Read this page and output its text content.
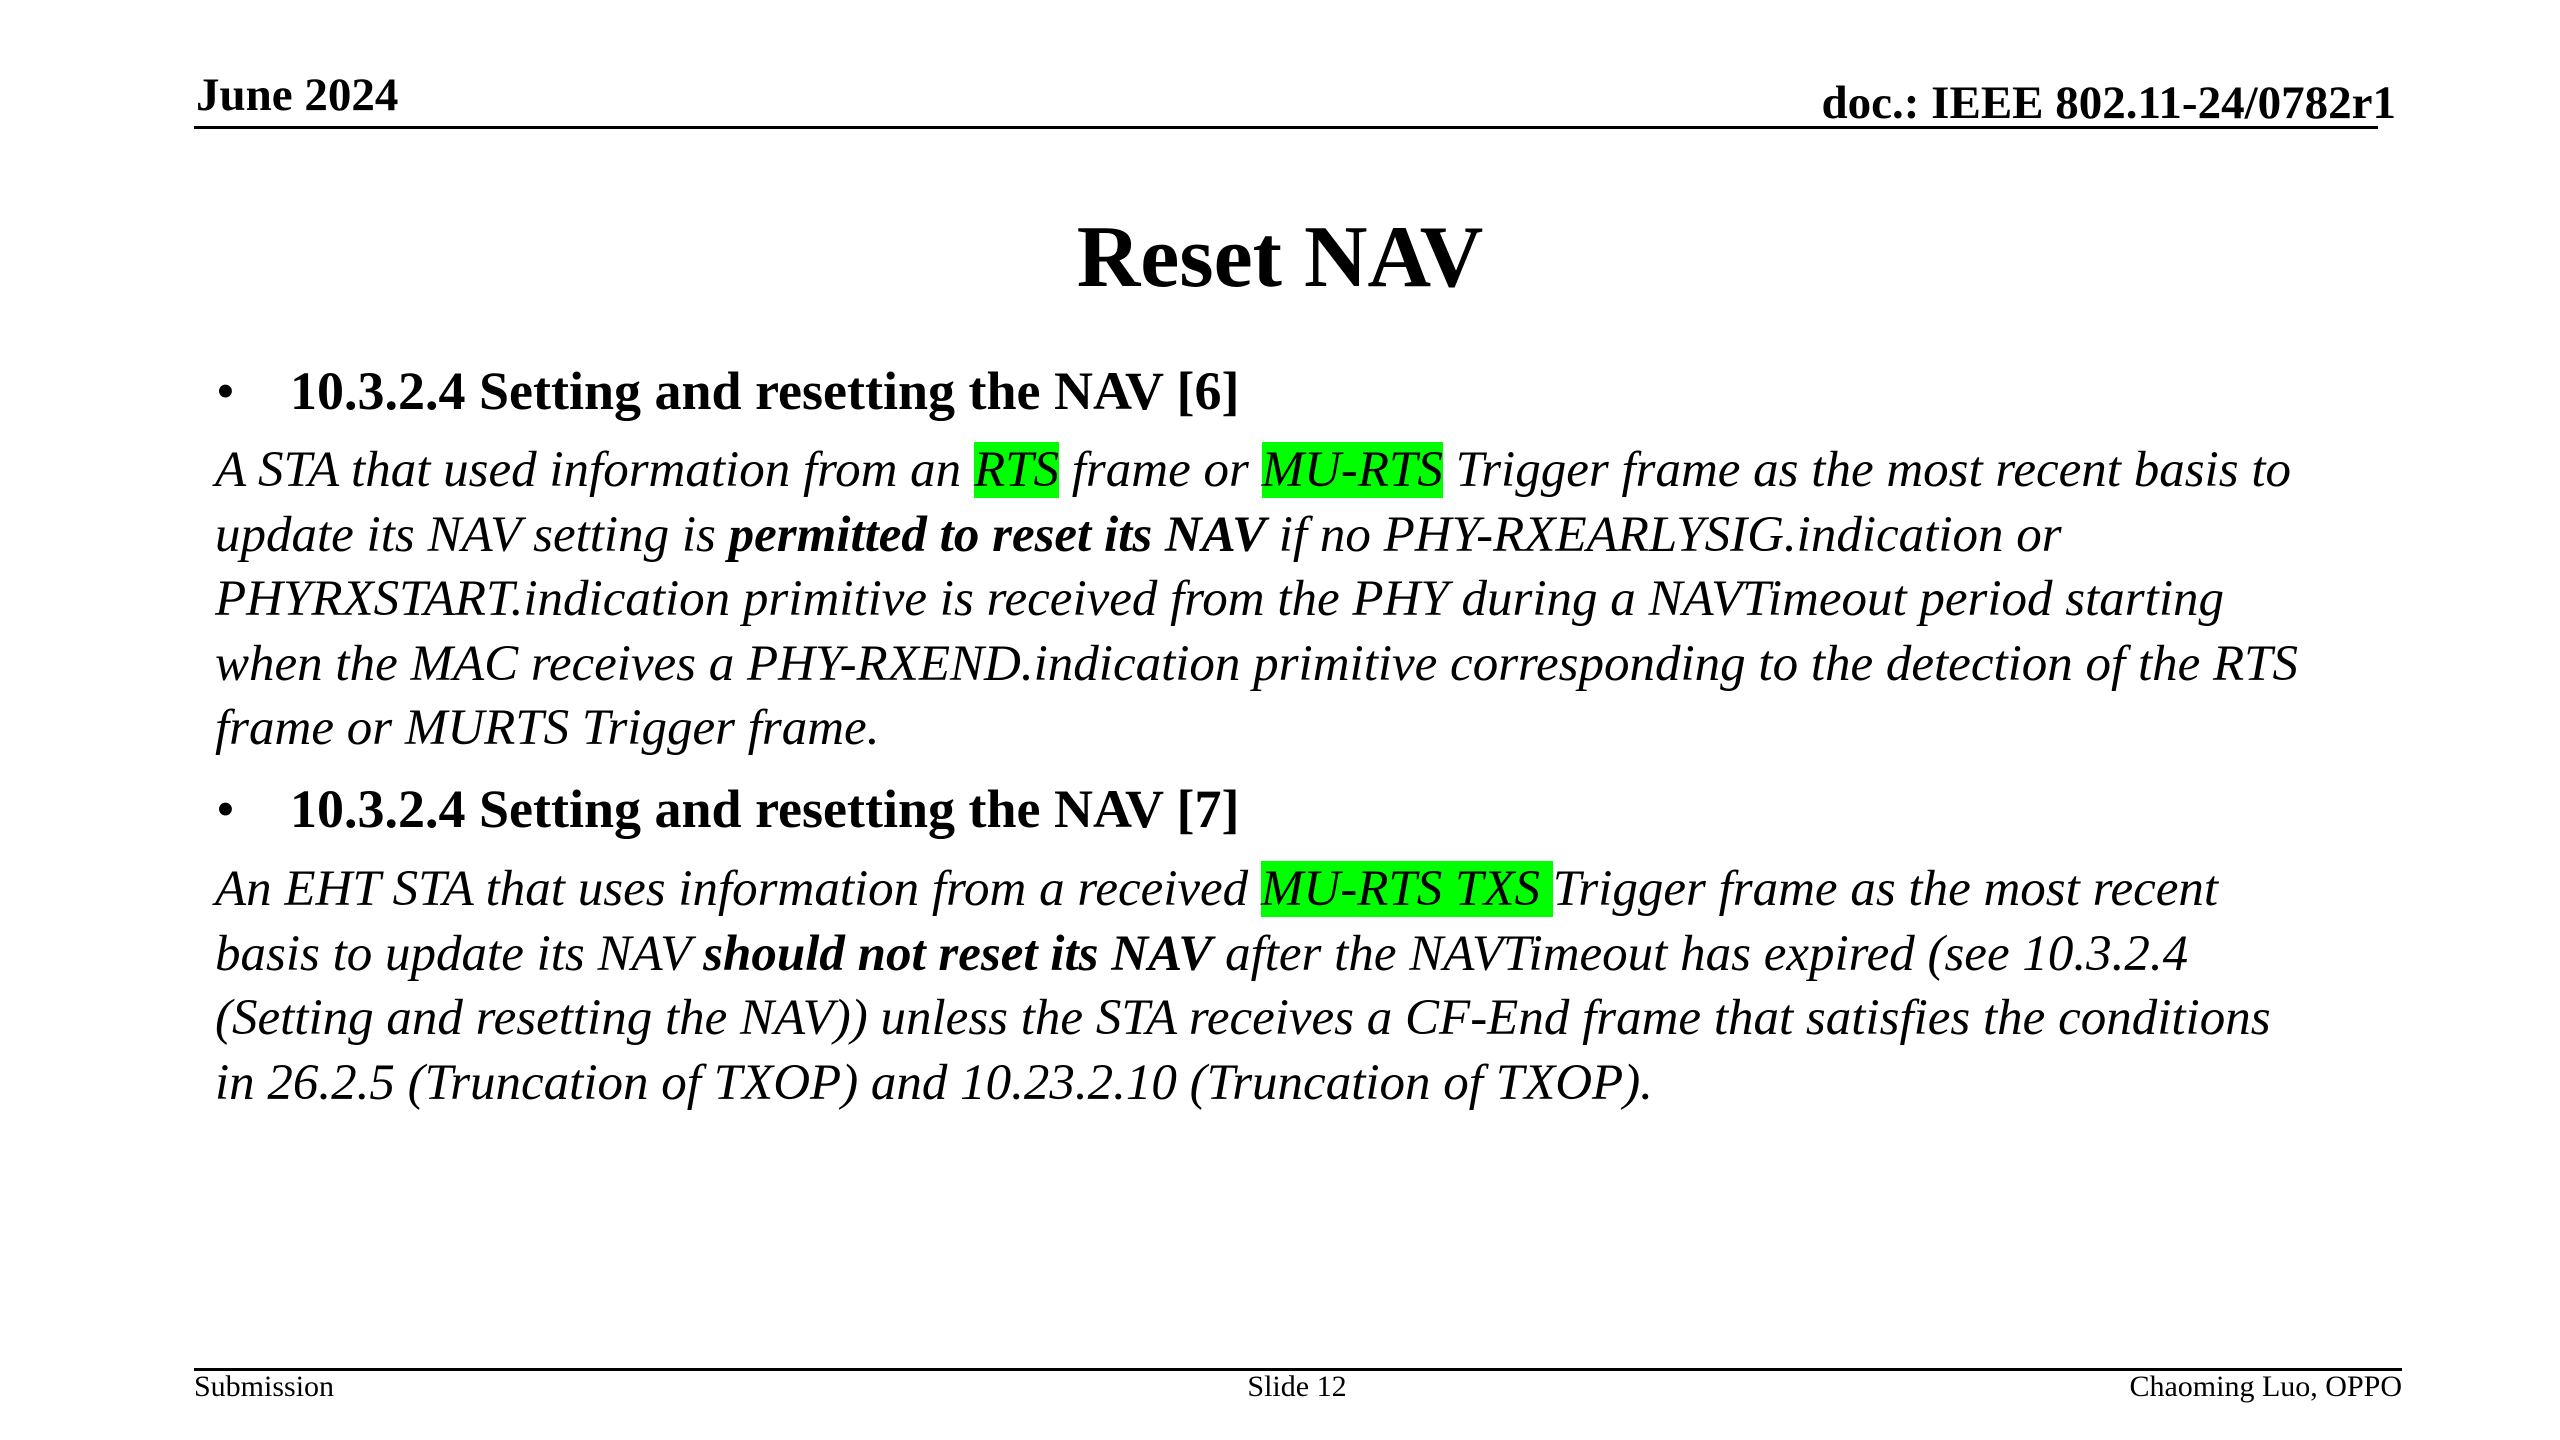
June 2024	doc.: IEEE 802.11-24/0782r1
Reset NAV
• 10.3.2.4 Setting and resetting the NAV [6]
A STA that used information from an RTS frame or MU-RTS Trigger frame as the most recent basis to
update its NAV setting is permitted to reset its NAV if no PHY-RXEARLYSIG.indication or
PHYRXSTART.indication primitive is received from the PHY during a NAVTimeout period starting
when the MAC receives a PHY-RXEND.indication primitive corresponding to the detection of the RTS
frame or MURTS Trigger frame.
• 10.3.2.4 Setting and resetting the NAV [7]
An EHT STA that uses information from a received MU-RTS TXS Trigger frame as the most recent
basis to update its NAV should not reset its NAV after the NAVTimeout has expired (see 10.3.2.4
(Setting and resetting the NAV)) unless the STA receives a CF-End frame that satisfies the conditions
in 26.2.5 (Truncation of TXOP) and 10.23.2.10 (Truncation of TXOP).
Submission	Slide 12	Chaoming Luo, OPPO
